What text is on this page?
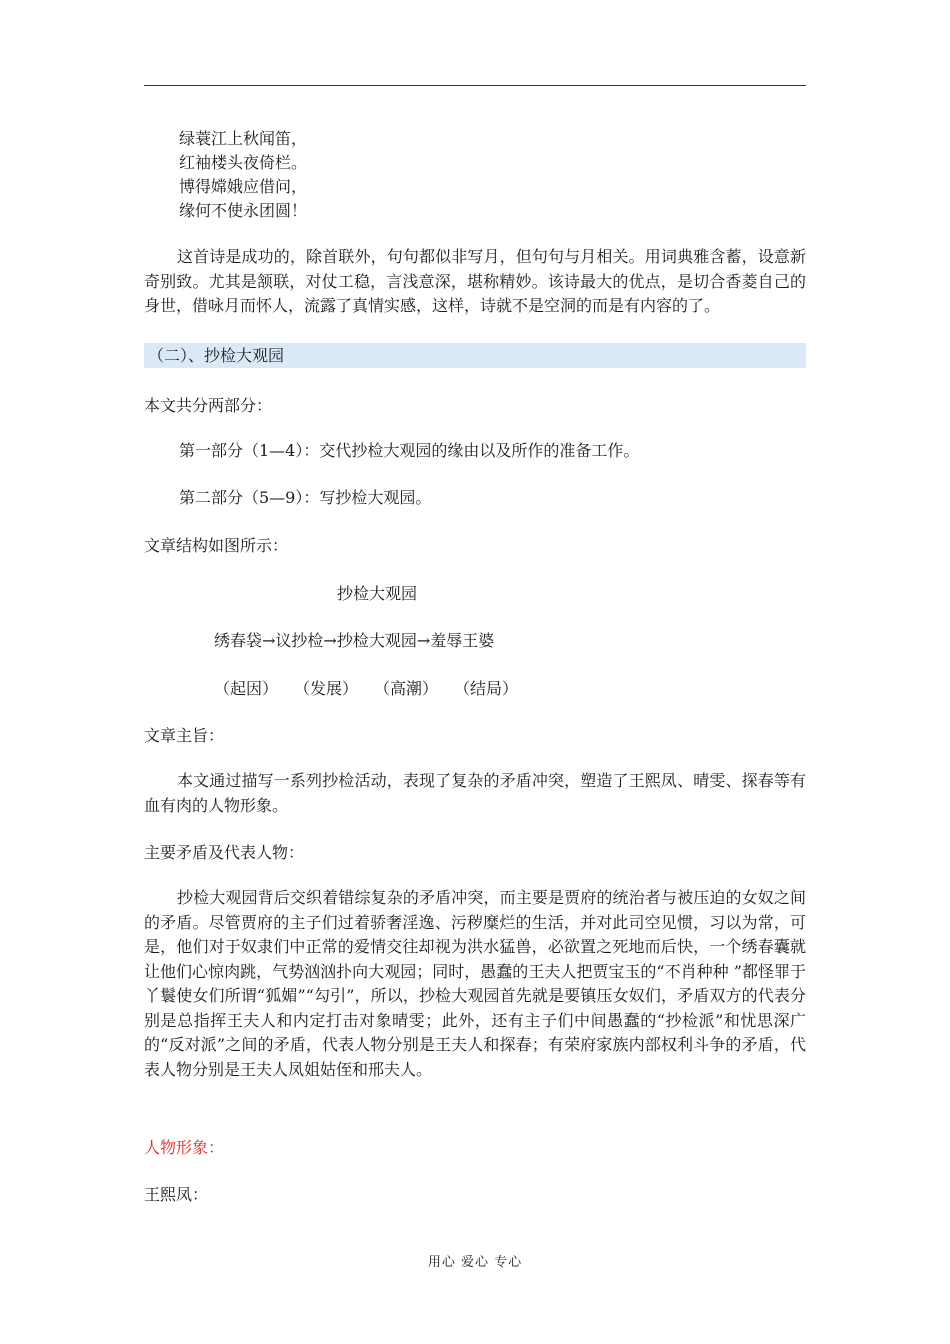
绿蓑江上秋闻笛，
红袖楼头夜倚栏。
博得嫦娥应借问，
缘何不使永团圆！
这首诗是成功的，除首联外，句句都似非写月，但句句与月相关。用词典雅含蓄，设意新奇别致。尤其是颔联，对仗工稳，言浅意深，堪称精妙。该诗最大的优点，是切合香菱自己的身世，借咏月而怀人，流露了真情实感，这样，诗就不是空洞的而是有内容的了。
（二）、抄检大观园
本文共分两部分：
第一部分（1—4）：交代抄检大观园的缘由以及所作的准备工作。
第二部分（5—9）：写抄检大观园。
文章结构如图所示：
抄检大观园
绣春袋→议抄检→抄检大观园→羞辱王婆
（起因） （发展） （高潮） （结局）
文章主旨：
本文通过描写一系列抄检活动，表现了复杂的矛盾冲突，塑造了王熙凤、晴雯、探春等有血有肉的人物形象。
主要矛盾及代表人物：
抄检大观园背后交织着错综复杂的矛盾冲突，而主要是贾府的统治者与被压迫的女奴之间的矛盾。尽管贾府的主子们过着骄奢淫逸、污秽糜烂的生活，并对此司空见惯，习以为常，可是，他们对于奴隶们中正常的爱情交往却视为洪水猛兽，必欲置之死地而后快，一个绣春囊就让他们心惊肉跳，气势汹汹扑向大观园；同时，愚蠢的王夫人把贾宝玉的“不肖种种 ”都怪罪于丫鬟使女们所谓“狐媚”“勾引”，所以，抄检大观园首先就是要镇压女奴们，矛盾双方的代表分别是总指挥王夫人和内定打击对象晴雯；此外，还有主子们中间愚蠢的“抄检派”和忧思深广的“反对派”之间的矛盾，代表人物分别是王夫人和探春；有荣府家族内部权利斗争的矛盾，代表人物分别是王夫人凤姐姑侄和邢夫人。
人物形象：
王熙凤：
用心 爱心 专心
